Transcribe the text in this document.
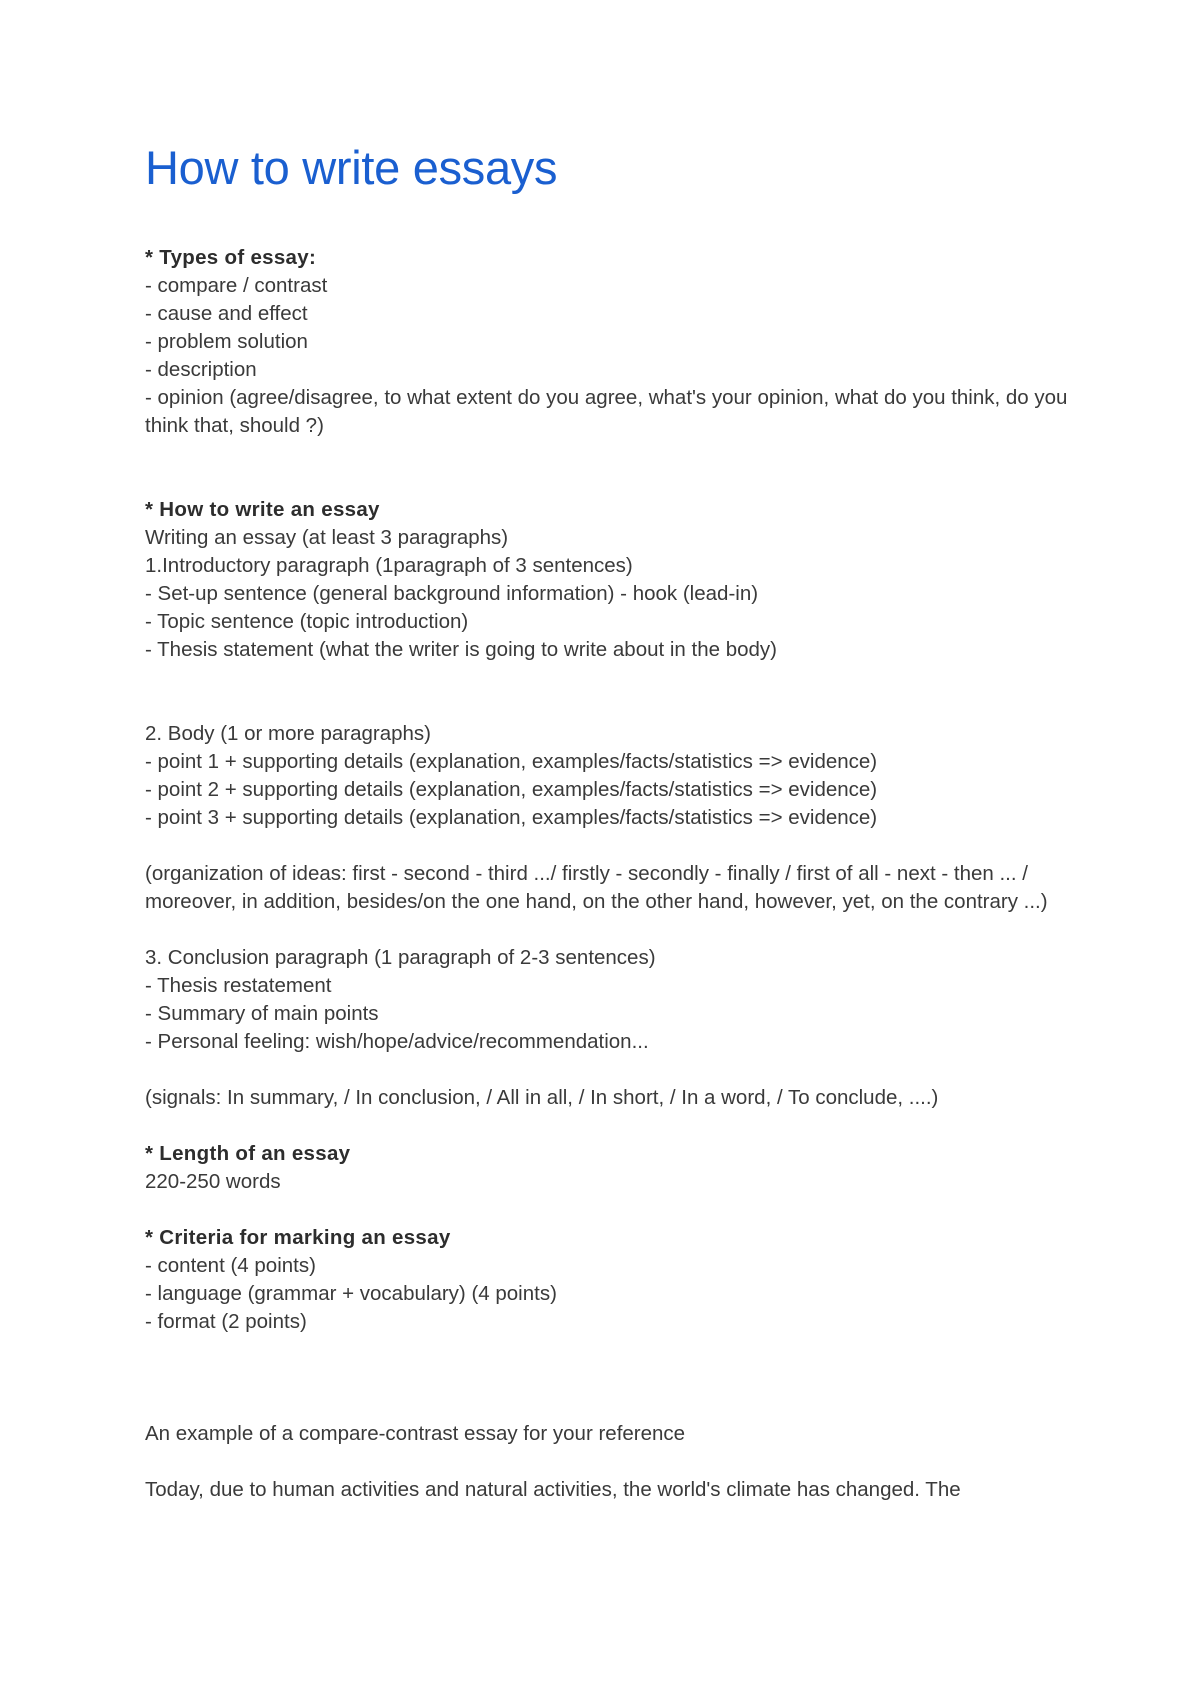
How to write essays

* Types of essay:

- compare / contrast

- cause and effect

- problem solution

- description

- opinion (agree/disagree, to what extent do you agree, what's your opinion, what do you think, do you think that, should ?)

* How to write an essay

Writing an essay (at least 3 paragraphs)

1.Introductory paragraph (1paragraph of 3 sentences)

- Set-up sentence (general background information) - hook (lead-in)

- Topic sentence (topic introduction)

- Thesis statement (what the writer is going to write about in the body)

2. Body (1 or more paragraphs)

- point 1 + supporting details (explanation, examples/facts/statistics => evidence)

- point 2 + supporting details (explanation, examples/facts/statistics => evidence)

- point 3 + supporting details (explanation, examples/facts/statistics => evidence)

(organization of ideas: first - second - third .../ firstly - secondly - finally / first of all - next - then ... / moreover, in addition, besides/on the one hand, on the other hand, however, yet, on the contrary ...)

3. Conclusion paragraph (1 paragraph of 2-3 sentences)

- Thesis restatement

- Summary of main points

- Personal feeling: wish/hope/advice/recommendation...

(signals: In summary, / In conclusion, / All in all, / In short, / In a word, / To conclude, ....)

* Length of an essay

220-250 words

* Criteria for marking an essay

- content (4 points)

- language (grammar + vocabulary) (4 points)

- format (2 points)

An example of a compare-contrast essay for your reference

Today, due to human activities and natural activities, the world's climate has changed. The
